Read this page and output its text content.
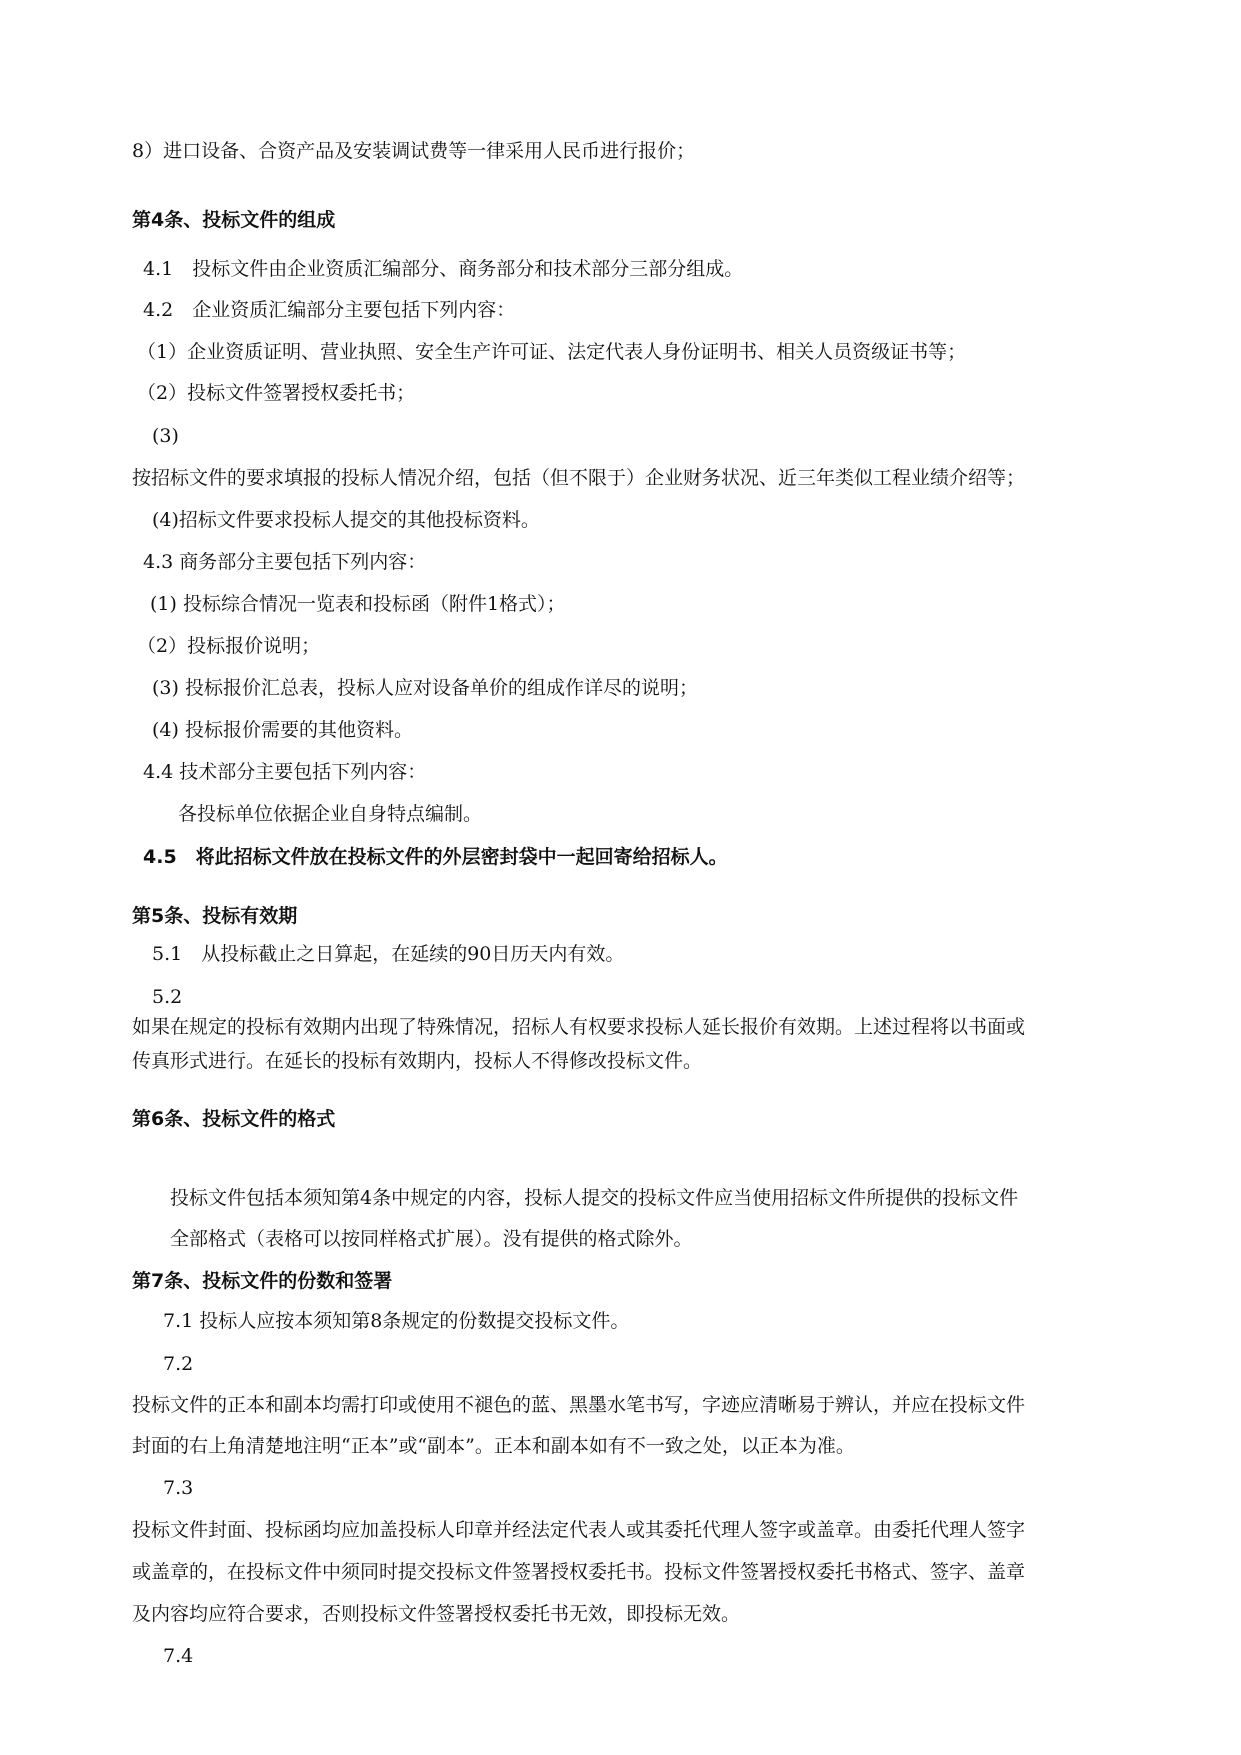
8）进口设备、合资产品及安装调试费等一律采用人民币进行报价；
第4条、投标文件的组成
4.1　投标文件由企业资质汇编部分、商务部分和技术部分三部分组成。
4.2　企业资质汇编部分主要包括下列内容：
（1）企业资质证明、营业执照、安全生产许可证、法定代表人身份证明书、相关人员资级证书等；
（2）投标文件签署授权委托书；
(3)
按招标文件的要求填报的投标人情况介绍，包括（但不限于）企业财务状况、近三年类似工程业绩介绍等；
(4)招标文件要求投标人提交的其他投标资料。
4.3 商务部分主要包括下列内容：
(1) 投标综合情况一览表和投标函（附件1格式）；
（2）投标报价说明；
(3) 投标报价汇总表，投标人应对设备单价的组成作详尽的说明；
(4) 投标报价需要的其他资料。
4.4 技术部分主要包括下列内容：
各投标单位依据企业自身特点编制。
4.5　将此招标文件放在投标文件的外层密封袋中一起回寄给招标人。
第5条、投标有效期
5.1　从投标截止之日算起，在延续的90日历天内有效。
5.2
如果在规定的投标有效期内出现了特殊情况，招标人有权要求投标人延长报价有效期。上述过程将以书面或
传真形式进行。在延长的投标有效期内，投标人不得修改投标文件。
第6条、投标文件的格式
投标文件包括本须知第4条中规定的内容，投标人提交的投标文件应当使用招标文件所提供的投标文件
全部格式（表格可以按同样格式扩展）。没有提供的格式除外。
第7条、投标文件的份数和签署
7.1 投标人应按本须知第8条规定的份数提交投标文件。
7.2
投标文件的正本和副本均需打印或使用不褪色的蓝、黑墨水笔书写，字迹应清晰易于辨认，并应在投标文件
封面的右上角清楚地注明“正本”或“副本”。正本和副本如有不一致之处，以正本为准。
7.3
投标文件封面、投标函均应加盖投标人印章并经法定代表人或其委托代理人签字或盖章。由委托代理人签字
或盖章的，在投标文件中须同时提交投标文件签署授权委托书。投标文件签署授权委托书格式、签字、盖章
及内容均应符合要求，否则投标文件签署授权委托书无效，即投标无效。
7.4
